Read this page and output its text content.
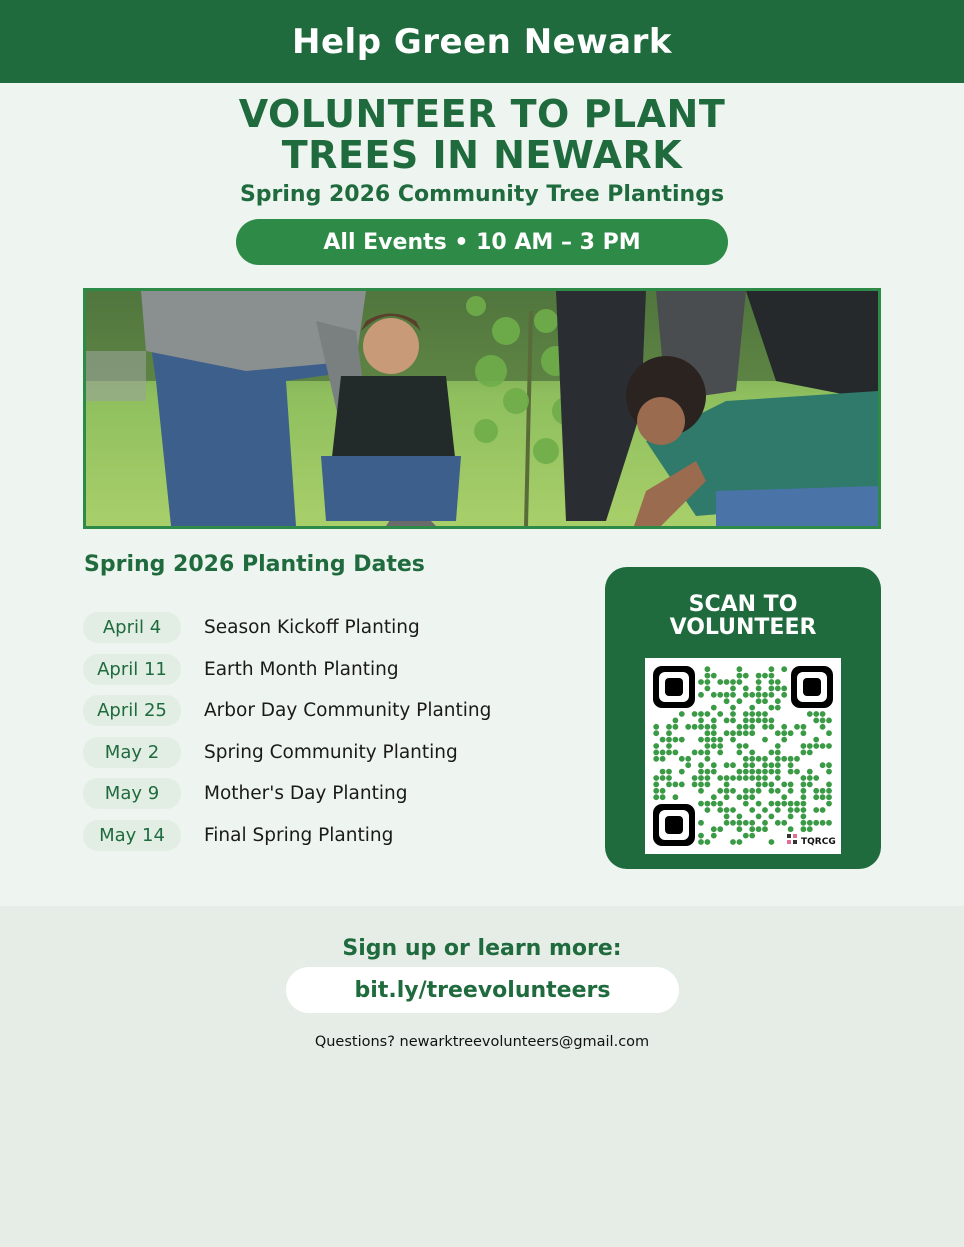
Help Green Newark
VOLUNTEER TO PLANT
TREES IN NEWARK
Spring 2026 Community Tree Plantings
All Events • 10 AM – 3 PM
Spring 2026 Planting Dates
April 4	Season Kickoff Planting
April 11	Earth Month Planting
April 25	Arbor Day Community Planting
May 2	Spring Community Planting
May 9	Mother's Day Planting
May 14	Final Spring Planting
SCAN TO
VOLUNTEER
TQRCG
Sign up or learn more:
bit.ly/treevolunteers
Questions? newarktreevolunteers@gmail.com
